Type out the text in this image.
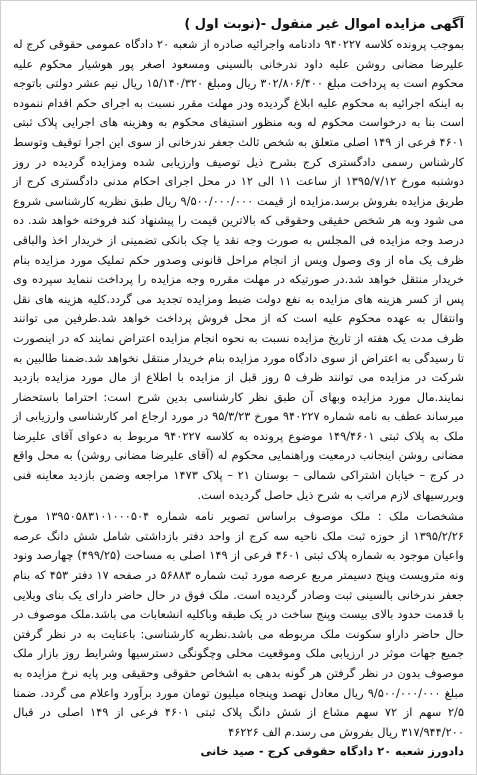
آگهی مزایده اموال غیر منقول -(نوبت اول )

بموجب پرونده کلاسه ۹۴۰۲۲۷ دادنامه واجرائیه صادره از شعبه ۲۰ دادگاه عمومی حقوقی کرج له علیرضا مضانی روشن علیه داود ندرخانی بالسینی ومسعود اصغر پور هوشیار محکوم علیه محکوم است به پرداخت مبلغ ۳۰۲/۸۰۶/۴۰۰ ریال ومبلغ ۱۵/۱۴۰/۳۲۰ ریال نیم عشر دولتی باتوجه به اینکه اجرائیه به محکوم علیه ابلاغ گردیده ودر مهلت مقرر نسبت به اجرای حکم اقدام ننموده است بنا به درخواست محکوم له وبه منظور استیفای محکوم به وهزینه های اجرایی پلاک ثبتی ۴۶۰۱ فرعی از ۱۴۹ اصلی متعلق به شخص ثالث جعفر ندرخانی از سوی این اجرا توقیف وتوسط کارشناس رسمی دادگستری کرج بشرح ذیل توصیف وارزیابی شده ومزایده گردیده در روز دوشنبه مورخ ۱۳۹۵/۷/۱۲ از ساعت ۱۱ الی ۱۲ در محل اجرای احکام مدنی دادگستری کرج از طریق مزایده بفروش برسد.مزایده از قیمت ۹/۵۰۰/۰۰۰/۰۰۰ ریال طبق نظریه کارشناسی شروع می شود وبه هر شخص حقیقی وحقوقی که بالاترین قیمت را پیشنهاد کند فروخته خواهد شد. ده درصد وجه مزایده فی المجلس به صورت وجه نقد یا چک بانکی تضمینی از خریدار اخذ والباقی ظرف یک ماه از وی وصول ویس از انجام مراحل قانونی وصدور حکم تملیک مورد مزایده بنام خریدار منتقل خواهد شد.در صورتیکه در مهلت مقرره وجه مزایده را پرداخت ننماید سپرده وی پس از کسر هزینه های مزایده به نفع دولت ضبط ومزایده تجدید می گردد.کلیه هزینه های نقل وانتقال به عهده محکوم علیه است که از محل فروش پرداخت خواهد شد.طرفین می توانند ظرف مدت یک هفته از تاریخ مزایده نسبت به نحوه انجام مزایده اعتراض نمایند که در اینصورت تا رسیدگی به اعتراض از سوی دادگاه مورد مزایده بنام خریدار منتقل نخواهد شد.ضمنا طالبین به شرکت در مزایده می توانند ظرف ۵ روز قبل از مزایده با اطلاع از مال مورد مزایده بازدید نمایند.مال مورد مزایده وبهای آن طبق نظر کارشناسی بدین شرح است: احتراما باستحضار میرساند عطف به نامه شماره ۹۴۰۲۲۷ مورخ ۹۵/۳/۲۳ در مورد ارجاع امر کارشناسی وارزیابی از ملک به پلاک ثبتی ۱۴۹/۴۶۰۱ موضوع پرونده به کلاسه ۹۴۰۲۲۷ مربوط به دعوای آقای علیرضا مضانی روشن اینجانب درمعیت وراهنمایی محکوم له (آقای علیرضا مضانی روشن) به محل واقع در کرج – خیابان اشتراکی شمالی – بوستان ۲۱ – پلاک ۱۴۷۳ مراجعه وضمن بازدید معاینه فنی وبررسیهای لازم مراتب به شرح ذیل حاصل گردیده است.

مشخصات ملک : ملک موصوف براساس تصویر نامه شماره ۱۳۹۵۰۵۸۳۱۰۱۰۰۰۵۰۴ مورخ ۱۳۹۵/۲/۲۶ از حوزه ثبت ملک ناحیه سه کرج از واحد دفتر بازداشتی شامل شش دانگ عرصه واعیان موجود به شماره پلاک ثبتی ۴۶۰۱ فرعی از ۱۴۹ اصلی به مساحت (۴۹۹/۲۵) چهارصد ونود ونه مترویست وپنج دسیمتر مربع عرصه مورد ثبت شماره ۵۶۸۸۳ در صفحه ۱۷ دفتر ۴۵۳ که بنام جعفر ندرخانی بالسینی ثبت وصادر گردیده است. ملک فوق در حال حاضر دارای یک بنای ویلایی با قدمت حدود بالای بیست وپنج ساخت در یک طبقه وباکلیه انشعابات می باشد.ملک موصوف در حال حاضر داراو سکونت ملک مربوطه می باشد.نظریه کارشناسی: باعنایت به در نظر گرفتن جمیع جهات موثر در ارزیابی ملک وموقعیت محلی وچگونگی دسترسیها وشرایط روز بازار ملک موصوف بدون در نظر گرفتن هر گونه بدهی به اشخاص حقوقی وحقیقی وبر پایه نرخ مزایده به مبلغ ۹/۵۰۰/۰۰۰/۰۰۰ ریال معادل نهصد وپنجاه میلیون تومان مورد برآورد واعلام می گردد. ضمنا ۲/۵ سهم از ۷۲ سهم مشاع از شش دانگ پلاک ثبتی ۴۶۰۱ فرعی از ۱۴۹ اصلی در قبال ۳۱۷/۹۴۴/۲۰۰ ریال بفروش می رسد.م الف ۴۶۲۲۶

دادورز شعبه ۲۰ دادگاه حقوقی کرج - صید خانی
